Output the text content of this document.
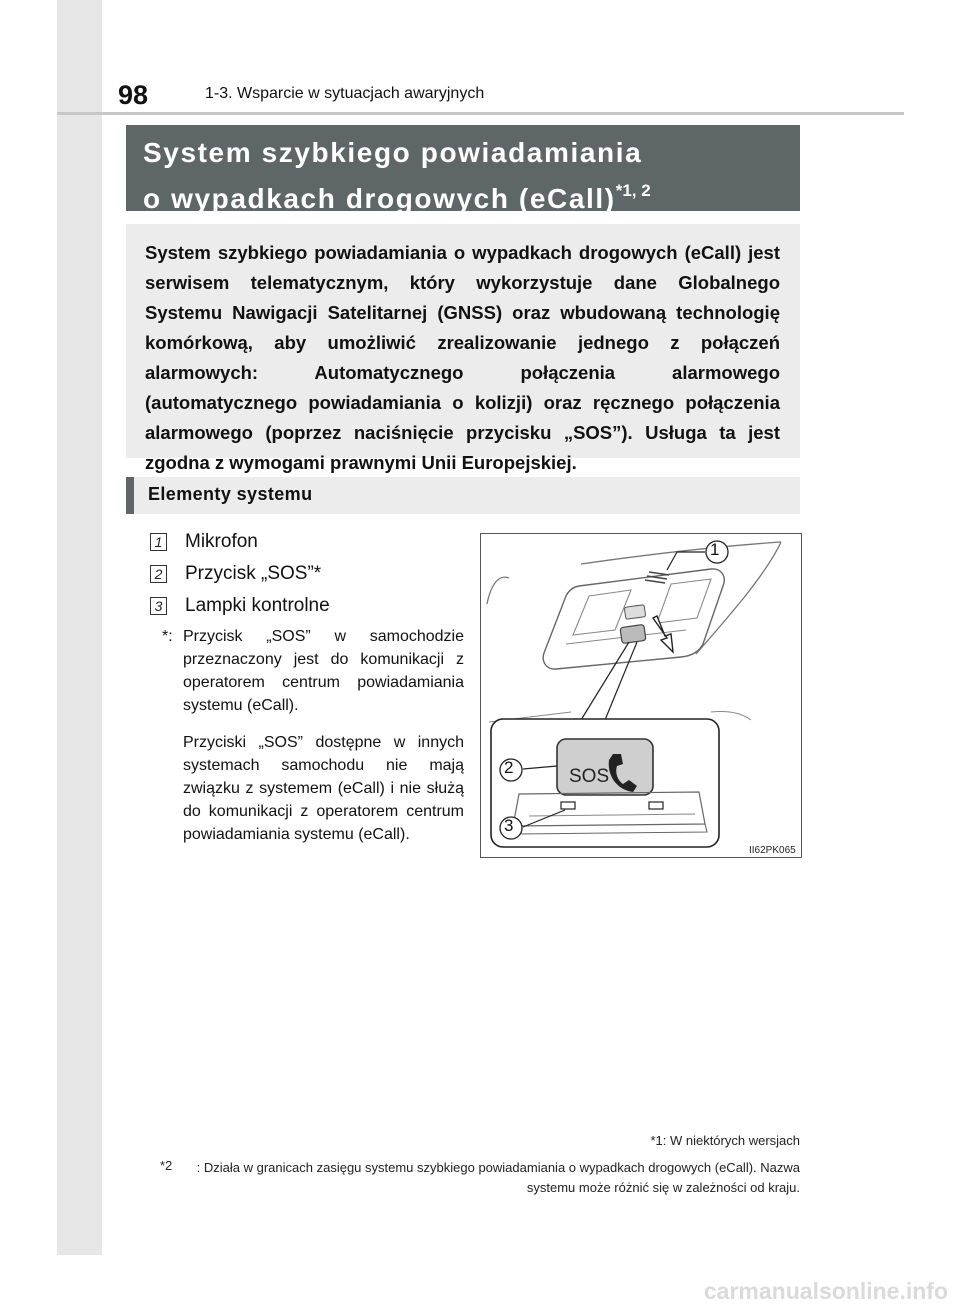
98	1-3. Wsparcie w sytuacjach awaryjnych
System szybkiego powiadamiania
o wypadkach drogowych (eCall)$^{*1, 2}$
System szybkiego powiadamiania o wypadkach drogowych (eCall) jest serwisem telematycznym, który wykorzystuje dane Globalnego Systemu Nawigacji Satelitarnej (GNSS) oraz wbudowaną technologię komórkową, aby umożliwić zrealizowanie jednego z połączeń alarmowych: Automatycznego połączenia alarmowego (automatycznego powiadamiania o kolizji) oraz ręcznego połączenia alarmowego (poprzez naciśnięcie przycisku „SOS”). Usługa ta jest zgodna z wymogami prawnymi Unii Europejskiej.
Elementy systemu
1 Mikrofon
2 Przycisk „SOS”*
3 Lampki kontrolne
*: Przycisk „SOS” w samochodzie przeznaczony jest do komunikacji z operatorem centrum powiadamiania systemu (eCall).
Przyciski „SOS” dostępne w innych systemach samochodu nie mają związku z systemem (eCall) i nie służą do komunikacji z operatorem centrum powiadamiania systemu (eCall).
1
2
3
SOS
II62PK065
*1: W niektórych wersjach
*2	: Działa w granicach zasięgu systemu szybkiego powiadamiania o wypadkach drogowych (eCall). Nazwa systemu może różnić się w zależności od kraju.
carmanualsonline.info
